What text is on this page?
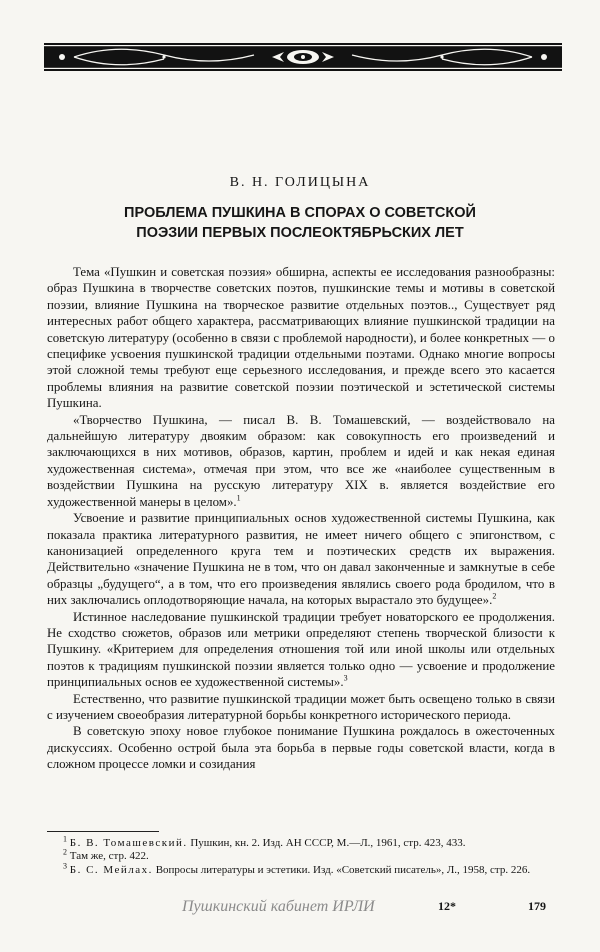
В. Н. ГОЛИЦЫНА
ПРОБЛЕМА ПУШКИНА В СПОРАХ О СОВЕТСКОЙ
ПОЭЗИИ ПЕРВЫХ ПОСЛЕОКТЯБРЬСКИХ ЛЕТ

Тема «Пушкин и советская поэзия» обширна, аспекты ее исследования разнообразны: образ Пушкина в творчестве советских поэтов, пушкинские темы и мотивы в советской поэзии, влияние Пушкина на творческое развитие отдельных поэтов.., Существует ряд интересных работ общего характера, рассматривающих влияние пушкинской традиции на советскую литературу (особенно в связи с проблемой народности), и более конкретных — о специфике усвоения пушкинской традиции отдельными поэтами. Однако многие вопросы этой сложной темы требуют еще серьезного исследования, и прежде всего это касается проблемы влияния на развитие советской поэзии поэтической и эстетической системы Пушкина.

«Творчество Пушкина, — писал В. В. Томашевский, — воздействовало на дальнейшую литературу двояким образом: как совокупность его произведений и заключающихся в них мотивов, образов, картин, проблем и идей и как некая единая художественная система», отмечая при этом, что все же «наиболее существенным в воздействии Пушкина на русскую литературу XIX в. является воздействие его художественной манеры в целом».$^1$

Усвоение и развитие принципиальных основ художественной системы Пушкина, как показала практика литературного развития, не имеет ничего общего с эпигонством, с канонизацией определенного круга тем и поэтических средств их выражения. Действительно «значение Пушкина не в том, что он давал законченные и замкнутые в себе образцы „будущего“, а в том, что его произведения являлись своего рода бродилом, что в них заключались оплодотворяющие начала, на которых вырастало это будущее».$^2$

Истинное наследование пушкинской традиции требует новаторского ее продолжения. Не сходство сюжетов, образов или метрики определяют степень творческой близости к Пушкину. «Критерием для определения отношения той или иной школы или отдельных поэтов к традициям пушкинской поэзии является только одно — усвоение и продолжение принципиальных основ ее художественной системы».$^3$

Естественно, что развитие пушкинской традиции может быть освещено только в связи с изучением своеобразия литературной борьбы конкретного исторического периода.

В советскую эпоху новое глубокое понимание Пушкина рождалось в ожесточенных дискуссиях. Особенно острой была эта борьба в первые годы советской власти, когда в сложном процессе ломки и созидания

$^1$ Б. В. Томашевский. Пушкин, кн. 2. Изд. АН СССР, М.—Л., 1961, стр. 423, 433.

$^2$ Там же, стр. 422.

$^3$ Б. С. Мейлах. Вопросы литературы и эстетики. Изд. «Советский писатель», Л., 1958, стр. 226.

Пушкинский кабинет ИРЛИ	12*	179
